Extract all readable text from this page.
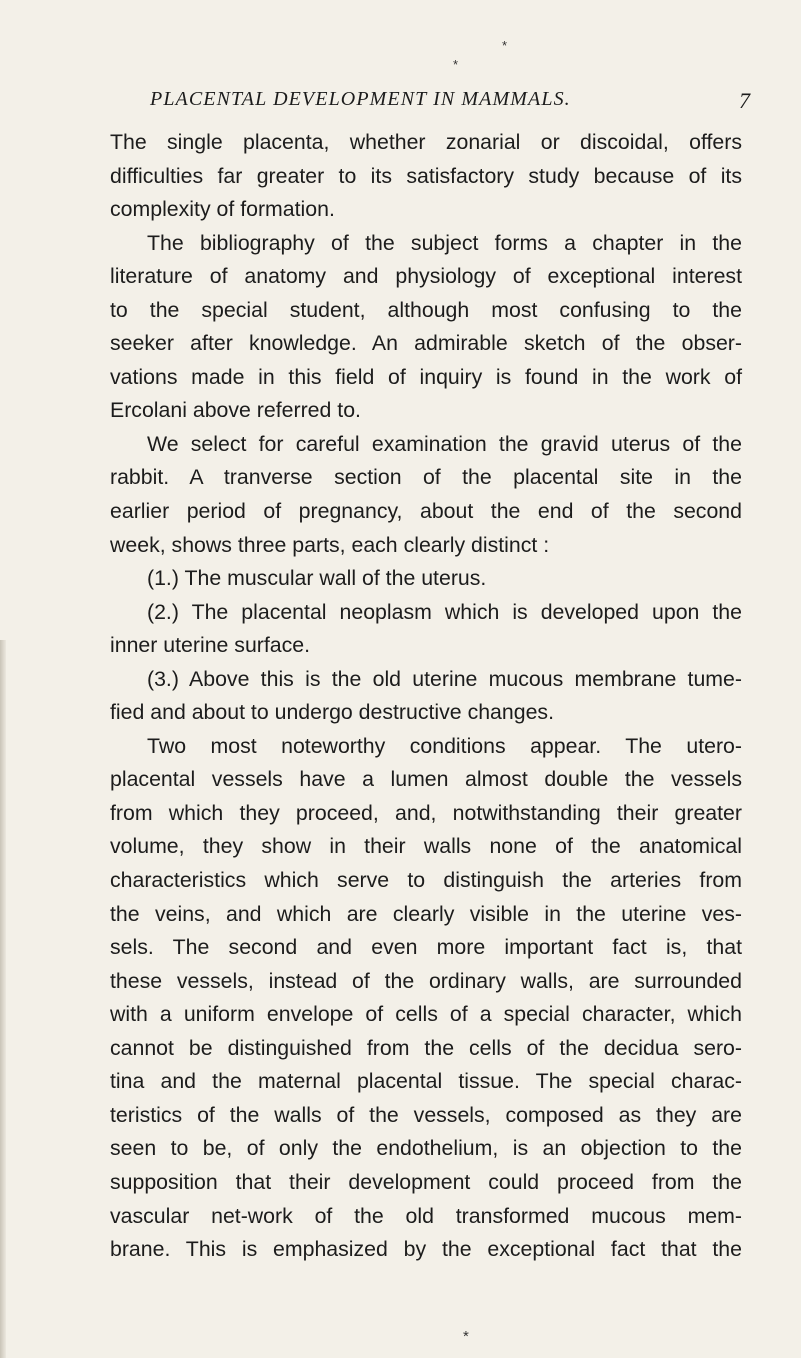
*
*
PLACENTAL DEVELOPMENT IN MAMMALS.	7
The single placenta, whether zonarial or discoidal, offers
difficulties far greater to its satisfactory study because of its
complexity of formation.
The bibliography of the subject forms a chapter in the
literature of anatomy and physiology of exceptional interest
to the special student, although most confusing to the
seeker after knowledge. An admirable sketch of the obser-
vations made in this field of inquiry is found in the work of
Ercolani above referred to.
We select for careful examination the gravid uterus of the
rabbit. A tranverse section of the placental site in the
earlier period of pregnancy, about the end of the second
week, shows three parts, each clearly distinct :
(1.) The muscular wall of the uterus.
(2.) The placental neoplasm which is developed upon the
inner uterine surface.
(3.) Above this is the old uterine mucous membrane tume-
fied and about to undergo destructive changes.
Two most noteworthy conditions appear. The utero-
placental vessels have a lumen almost double the vessels
from which they proceed, and, notwithstanding their greater
volume, they show in their walls none of the anatomical
characteristics which serve to distinguish the arteries from
the veins, and which are clearly visible in the uterine ves-
sels. The second and even more important fact is, that
these vessels, instead of the ordinary walls, are surrounded
with a uniform envelope of cells of a special character, which
cannot be distinguished from the cells of the decidua sero-
tina and the maternal placental tissue. The special charac-
teristics of the walls of the vessels, composed as they are
seen to be, of only the endothelium, is an objection to the
supposition that their development could proceed from the
vascular net-work of the old transformed mucous mem-
brane. This is emphasized by the exceptional fact that the
*
